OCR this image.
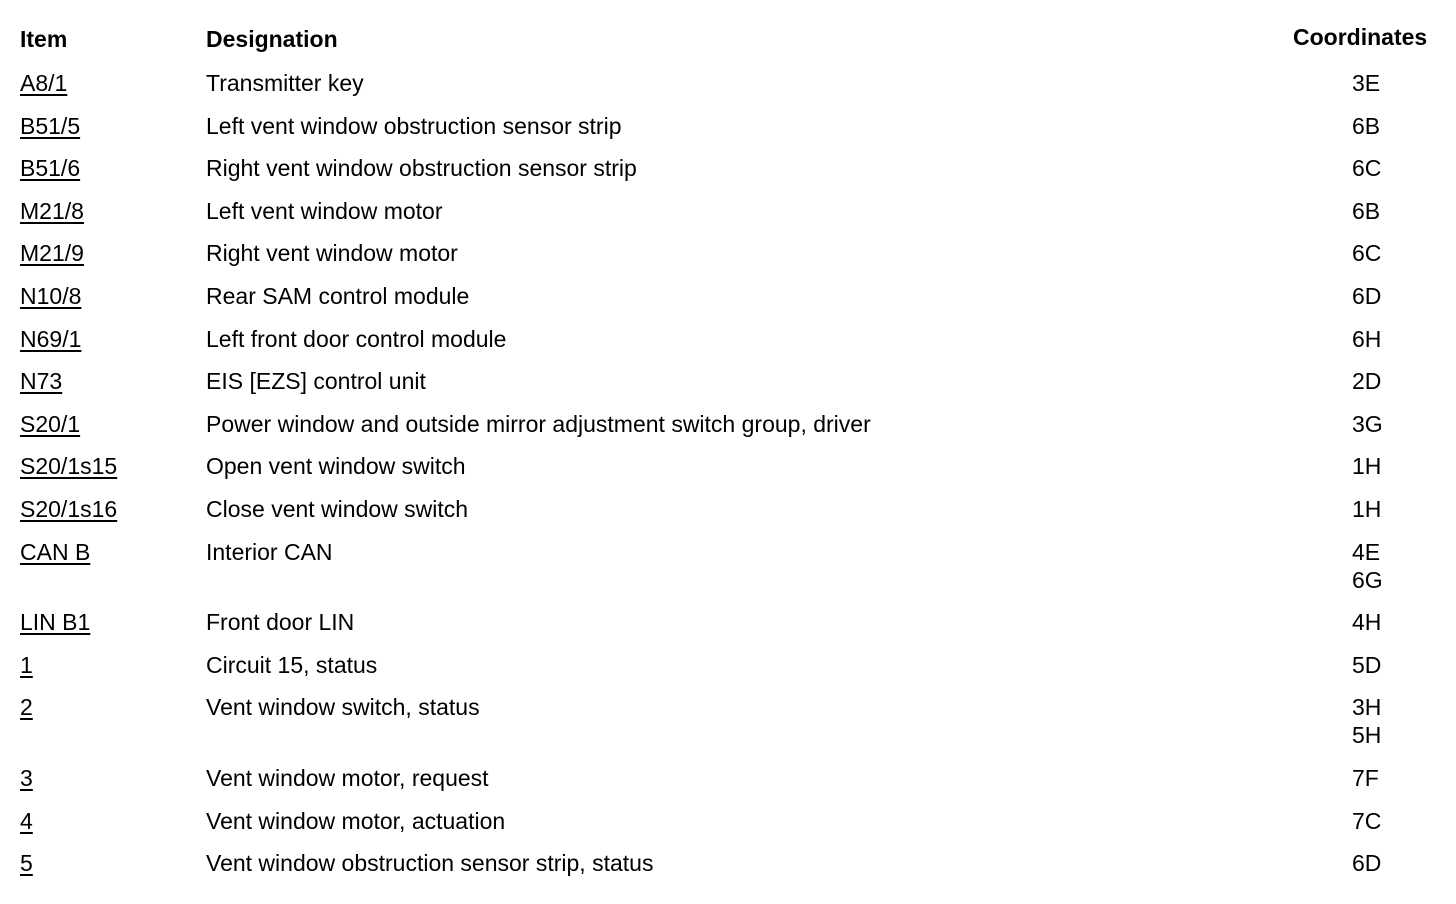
Item	Designation	Coordinates
A8/1	Transmitter key	3E
B51/5	Left vent window obstruction sensor strip	6B
B51/6	Right vent window obstruction sensor strip	6C
M21/8	Left vent window motor	6B
M21/9	Right vent window motor	6C
N10/8	Rear SAM control module	6D
N69/1	Left front door control module	6H
N73	EIS [EZS] control unit	2D
S20/1	Power window and outside mirror adjustment switch group, driver	3G
S20/1s15	Open vent window switch	1H
S20/1s16	Close vent window switch	1H
CAN B	Interior CAN	4E
6G
LIN B1	Front door LIN	4H
1	Circuit 15, status	5D
2	Vent window switch, status	3H
5H
3	Vent window motor, request	7F
4	Vent window motor, actuation	7C
5	Vent window obstruction sensor strip, status	6D
